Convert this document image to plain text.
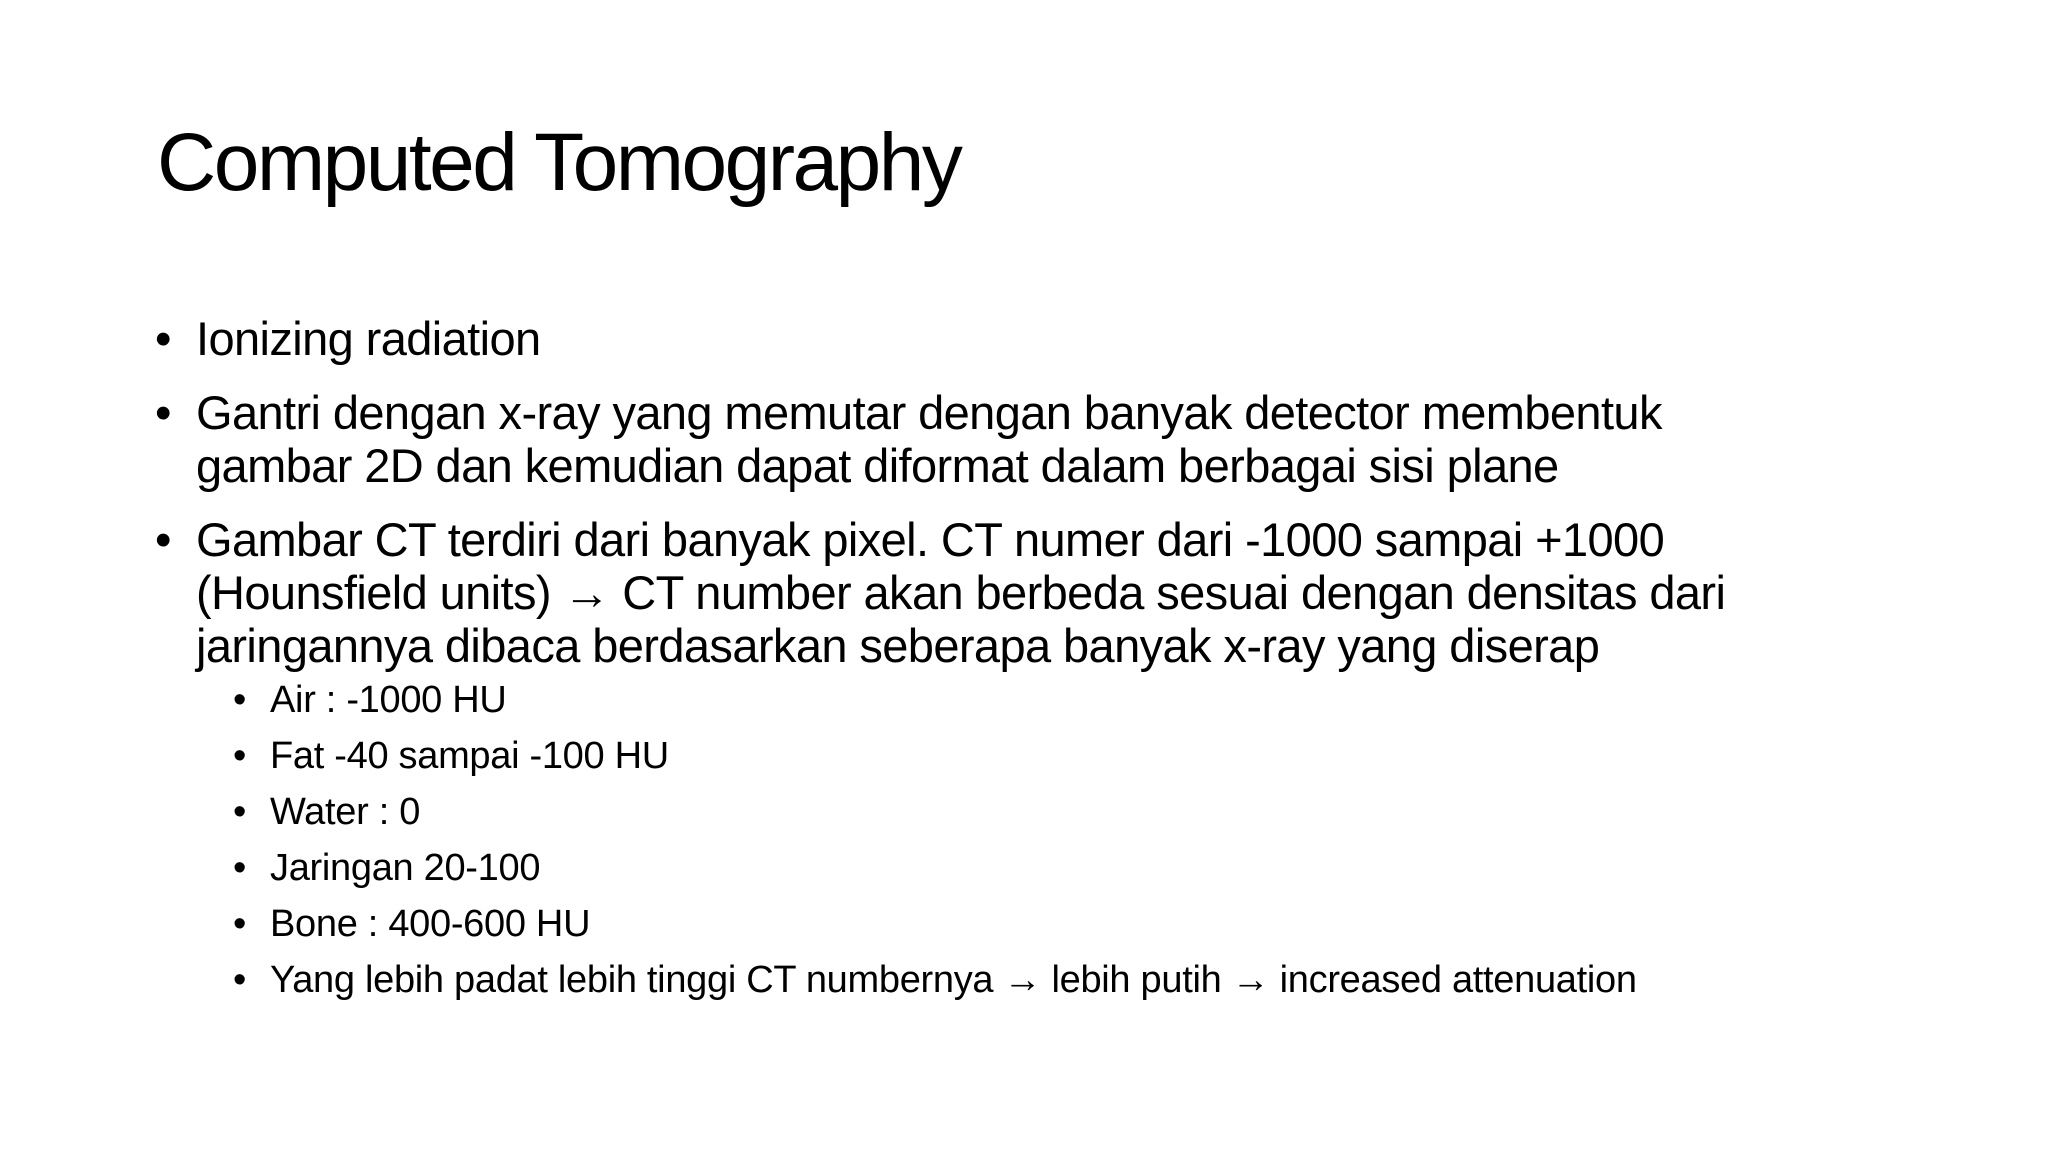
Computed Tomography
• Ionizing radiation
• Gantri dengan x-ray yang memutar dengan banyak detector membentuk
gambar 2D dan kemudian dapat diformat dalam berbagai sisi plane
• Gambar CT terdiri dari banyak pixel. CT numer dari -1000 sampai +1000
(Hounsfield units) → CT number akan berbeda sesuai dengan densitas dari
jaringannya dibaca berdasarkan seberapa banyak x-ray yang diserap
• Air : -1000 HU
• Fat -40 sampai -100 HU
• Water : 0
• Jaringan 20-100
• Bone : 400-600 HU
• Yang lebih padat lebih tinggi CT numbernya → lebih putih → increased attenuation
